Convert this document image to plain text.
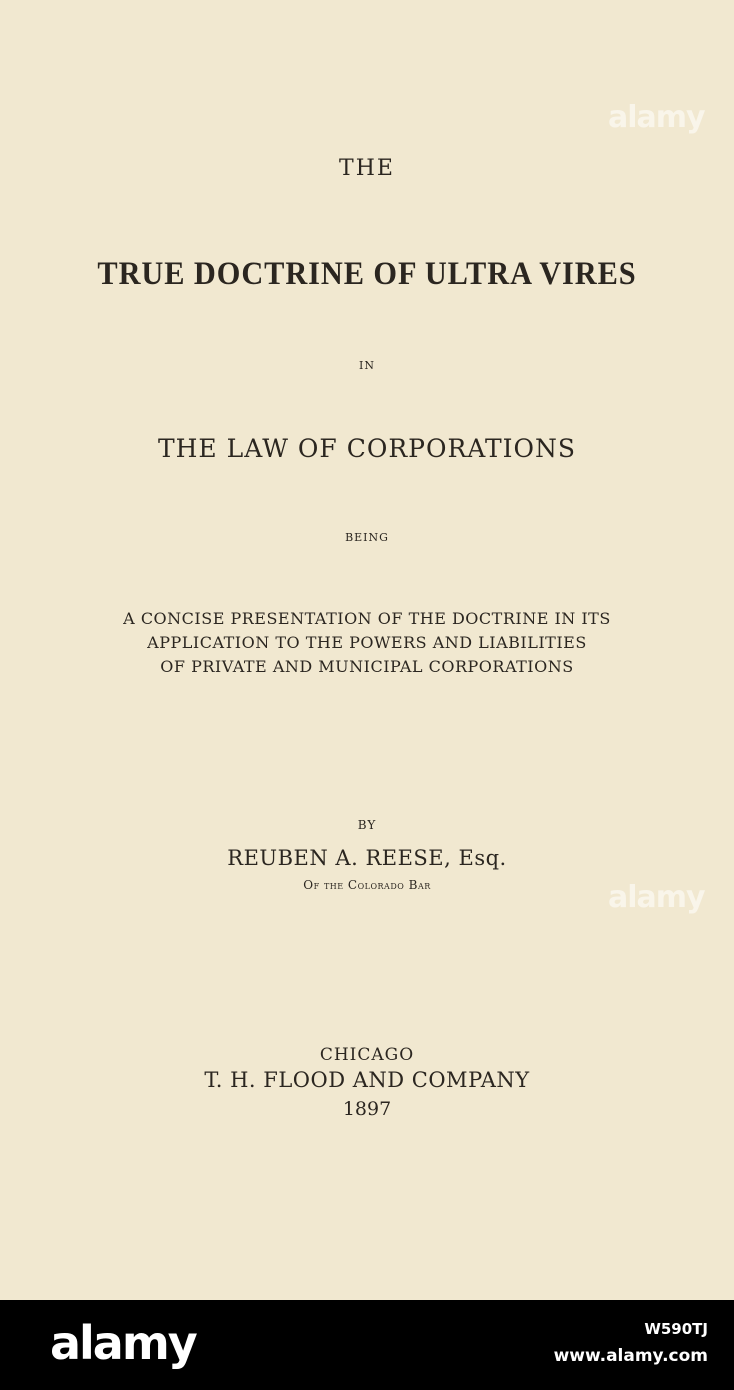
THE
TRUE DOCTRINE OF ULTRA VIRES

IN

THE LAW OF CORPORATIONS

BEING

A CONCISE PRESENTATION OF THE DOCTRINE IN ITS

APPLICATION TO THE POWERS AND LIABILITIES

OF PRIVATE AND MUNICIPAL CORPORATIONS

BY

REUBEN A. REESE, Esq.

Of the Colorado Bar

CHICAGO

T. H. FLOOD AND COMPANY

1897

alamy
alamy
alamy	W590TJ
www.alamy.com
